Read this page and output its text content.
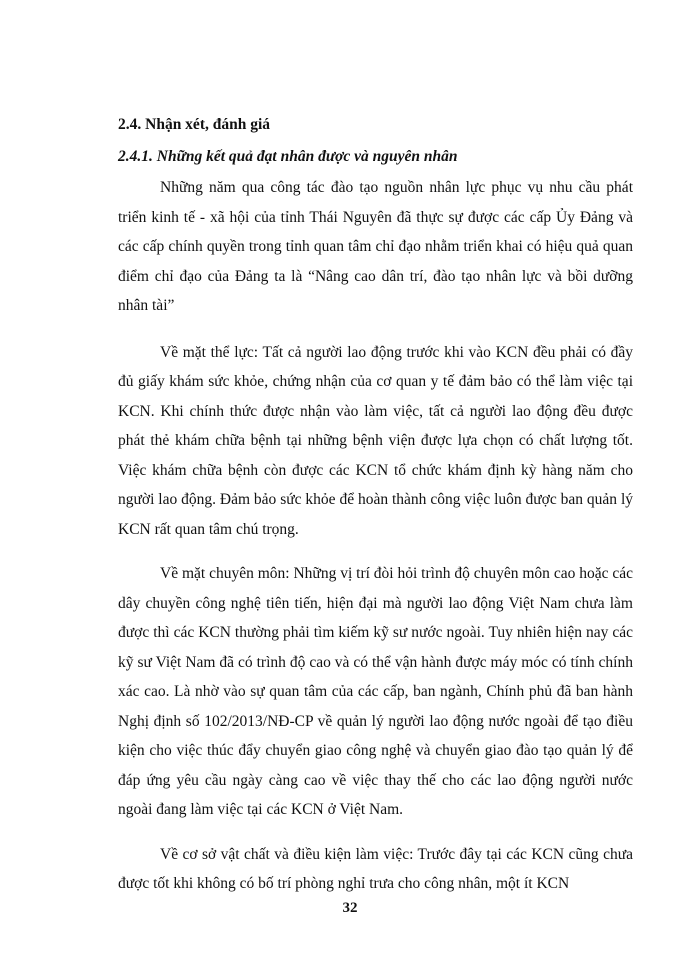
2.4. Nhận xét, đánh giá
2.4.1. Những kết quả đạt nhân được và nguyên nhân

Những năm qua công tác đào tạo nguồn nhân lực phục vụ nhu cầu phát triển kinh tế - xã hội của tỉnh Thái Nguyên đã thực sự được các cấp Ủy Đảng và các cấp chính quyền trong tỉnh quan tâm chỉ đạo nhằm triển khai có hiệu quả quan điểm chỉ đạo của Đảng ta là “Nâng cao dân trí, đào tạo nhân lực và bồi dưỡng nhân tài”

Về mặt thể lực: Tất cả người lao động trước khi vào KCN đều phải có đầy đủ giấy khám sức khỏe, chứng nhận của cơ quan y tế đảm bảo có thể làm việc tại KCN. Khi chính thức được nhận vào làm việc, tất cả người lao động đều được phát thẻ khám chữa bệnh tại những bệnh viện được lựa chọn có chất lượng tốt. Việc khám chữa bệnh còn được các KCN tổ chức khám định kỳ hàng năm cho người lao động. Đảm bảo sức khỏe để hoàn thành công việc luôn được ban quản lý KCN rất quan tâm chú trọng.

Về mặt chuyên môn: Những vị trí đòi hỏi trình độ chuyên môn cao hoặc các dây chuyền công nghệ tiên tiến, hiện đại mà người lao động Việt Nam chưa làm được thì các KCN thường phải tìm kiếm kỹ sư nước ngoài. Tuy nhiên hiện nay các kỹ sư Việt Nam đã có trình độ cao và có thể vận hành được máy móc có tính chính xác cao. Là nhờ vào sự quan tâm của các cấp, ban ngành, Chính phủ đã ban hành Nghị định số 102/2013/NĐ-CP về quản lý người lao động nước ngoài để tạo điều kiện cho việc thúc đẩy chuyển giao công nghệ và chuyển giao đào tạo quản lý để đáp ứng yêu cầu ngày càng cao về việc thay thế cho các lao động người nước ngoài đang làm việc tại các KCN ở Việt Nam.

Về cơ sở vật chất và điều kiện làm việc: Trước đây tại các KCN cũng chưa được tốt khi không có bố trí phòng nghỉ trưa cho công nhân, một ít KCN

32
